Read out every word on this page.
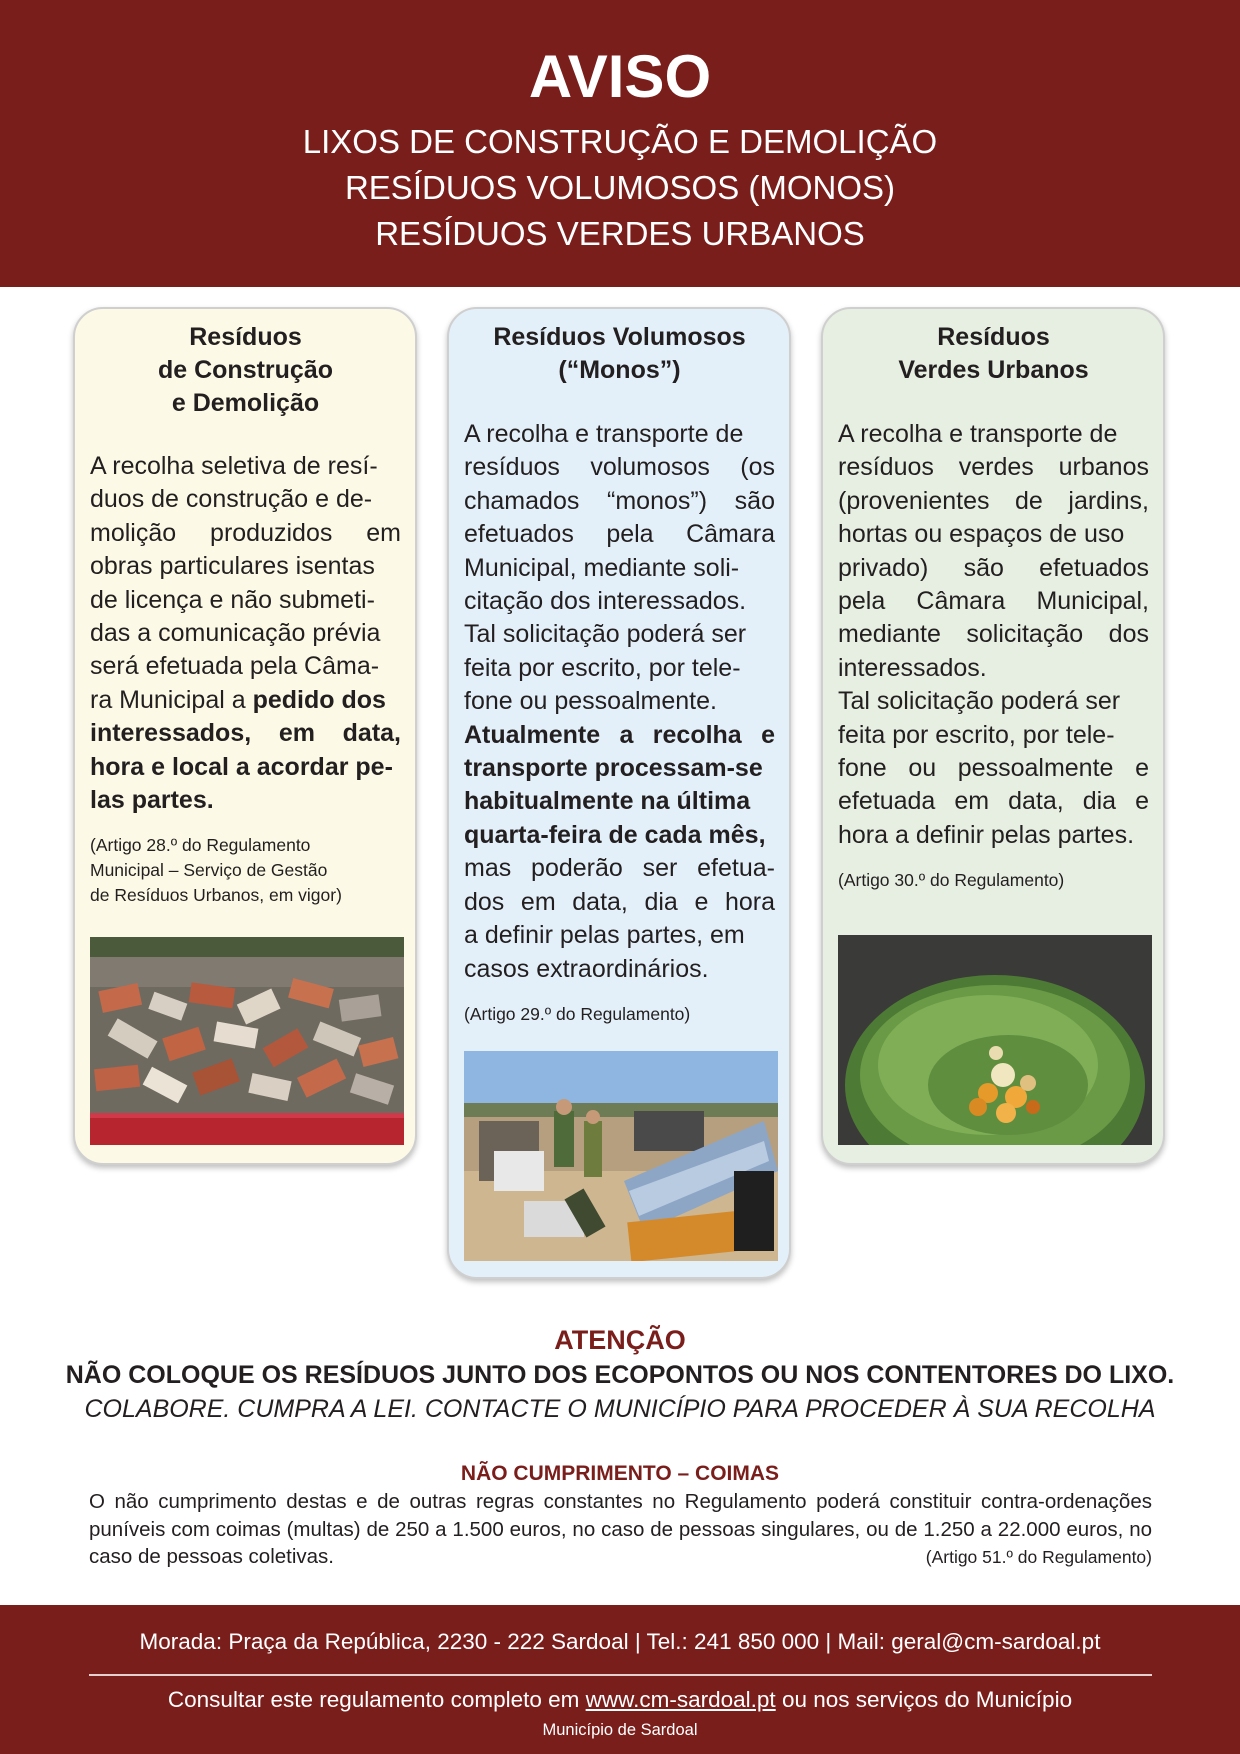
AVISO
LIXOS DE CONSTRUÇÃO E DEMOLIÇÃO
RESÍDUOS VOLUMOSOS (MONOS)
RESÍDUOS VERDES URBANOS
Resíduos
de Construção
e Demolição
A recolha seletiva de resí-
duos de construção e de-
molição produzidos em
obras particulares isentas
de licença e não submeti-
das a comunicação prévia
será efetuada pela Câma-
ra Municipal a pedido dos
interessados, em data,
hora e local a acordar pe-
las partes.
(Artigo 28.º do Regulamento
Municipal – Serviço de Gestão
de Resíduos Urbanos, em vigor)
Resíduos Volumosos
(“Monos”)
A recolha e transporte de
resíduos volumosos (os
chamados “monos”) são
efetuados pela Câmara
Municipal, mediante soli-
citação dos interessados.
Tal solicitação poderá ser
feita por escrito, por tele-
fone ou pessoalmente.
Atualmente a recolha e
transporte processam-se
habitualmente na última
quarta-feira de cada mês,
mas poderão ser efetua-
dos em data, dia e hora
a definir pelas partes, em
casos extraordinários.
(Artigo 29.º do Regulamento)
Resíduos
Verdes Urbanos
A recolha e transporte de
resíduos verdes urbanos
(provenientes de jardins,
hortas ou espaços de uso
privado) são efetuados
pela Câmara Municipal,
mediante solicitação dos
interessados.
Tal solicitação poderá ser
feita por escrito, por tele-
fone ou pessoalmente e
efetuada em data, dia e
hora a definir pelas partes.
(Artigo 30.º do Regulamento)
ATENÇÃO
NÃO COLOQUE OS RESÍDUOS JUNTO DOS ECOPONTOS OU NOS CONTENTORES DO LIXO.
COLABORE. CUMPRA A LEI. CONTACTE O MUNICÍPIO PARA PROCEDER À SUA RECOLHA
NÃO CUMPRIMENTO – COIMAS
O não cumprimento destas e de outras regras constantes no Regulamento poderá constituir contra-ordenações puníveis com coimas (multas) de 250 a 1.500 euros, no caso de pessoas singulares, ou de 1.250 a 22.000 euros, no caso de pessoas coletivas.	(Artigo 51.º do Regulamento)
Morada: Praça da República, 2230 - 222 Sardoal | Tel.: 241 850 000 | Mail: geral@cm-sardoal.pt
Consultar este regulamento completo em www.cm-sardoal.pt ou nos serviços do Município
Município de Sardoal
